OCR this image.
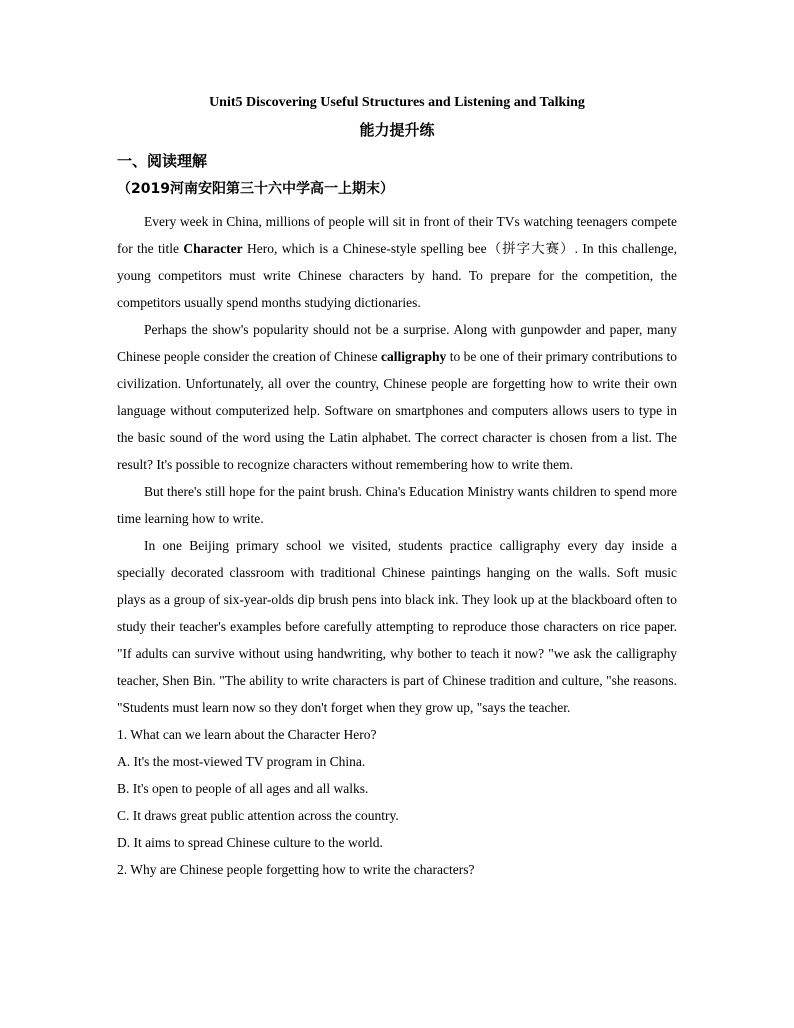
Unit5 Discovering Useful Structures and Listening and Talking
能力提升练
一、阅读理解
（2019河南安阳第三十六中学高一上期末）

Every week in China, millions of people will sit in front of their TVs watching teenagers compete for the title Character Hero, which is a Chinese-style spelling bee（拼字大赛）. In this challenge, young competitors must write Chinese characters by hand. To prepare for the competition, the competitors usually spend months studying dictionaries.

Perhaps the show's popularity should not be a surprise. Along with gunpowder and paper, many Chinese people consider the creation of Chinese calligraphy to be one of their primary contributions to civilization. Unfortunately, all over the country, Chinese people are forgetting how to write their own language without computerized help. Software on smartphones and computers allows users to type in the basic sound of the word using the Latin alphabet. The correct character is chosen from a list. The result? It's possible to recognize characters without remembering how to write them.

But there's still hope for the paint brush. China's Education Ministry wants children to spend more time learning how to write.

In one Beijing primary school we visited, students practice calligraphy every day inside a specially decorated classroom with traditional Chinese paintings hanging on the walls. Soft music plays as a group of six-year-olds dip brush pens into black ink. They look up at the blackboard often to study their teacher's examples before carefully attempting to reproduce those characters on rice paper. "If adults can survive without using handwriting, why bother to teach it now? "we ask the calligraphy teacher, Shen Bin. "The ability to write characters is part of Chinese tradition and culture, "she reasons. "Students must learn now so they don't forget when they grow up, "says the teacher.

1. What can we learn about the Character Hero?

A. It's the most-viewed TV program in China.

B. It's open to people of all ages and all walks.

C. It draws great public attention across the country.

D. It aims to spread Chinese culture to the world.

2. Why are Chinese people forgetting how to write the characters?
